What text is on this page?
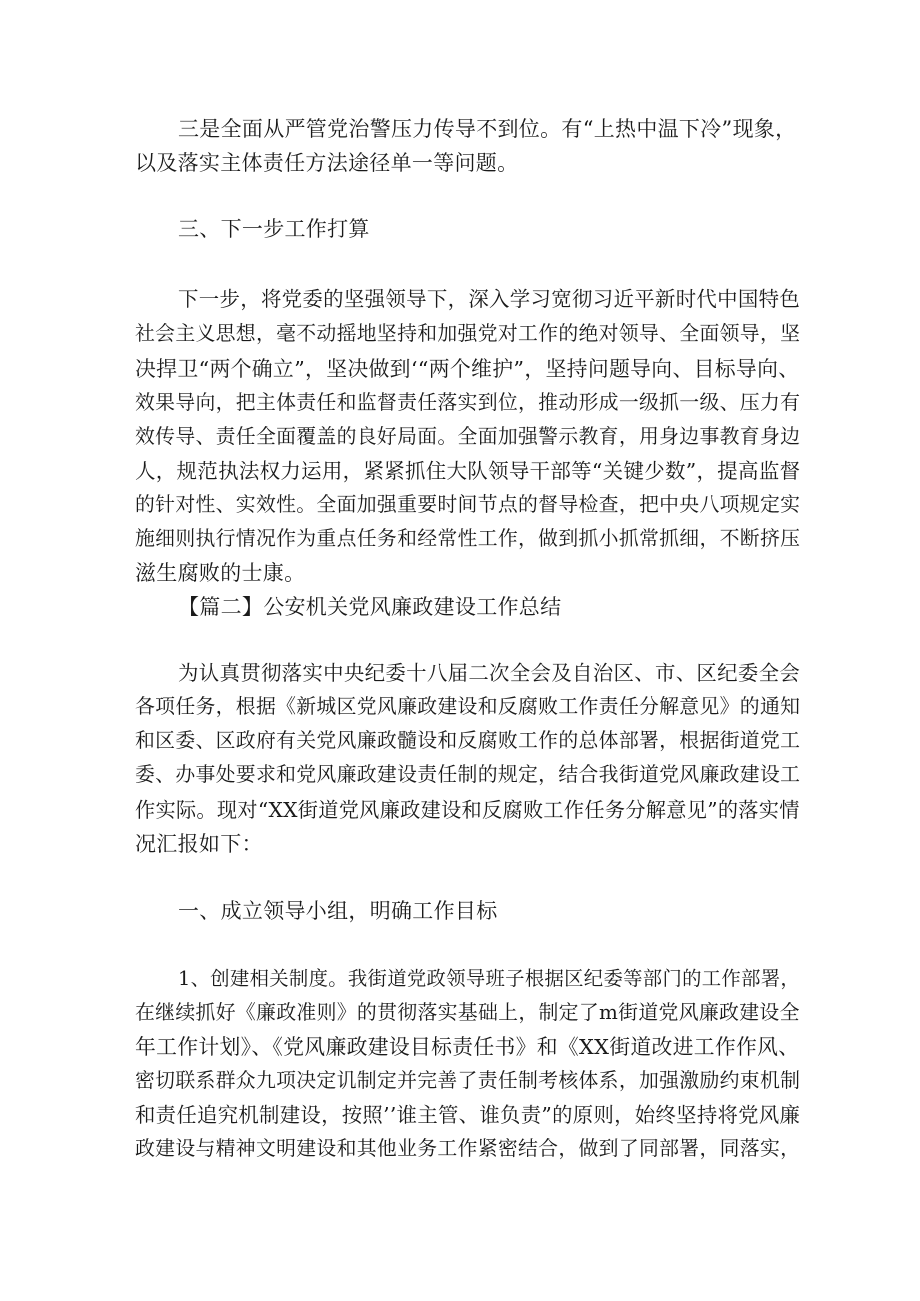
三是全面从严管党治警压力传导不到位。有“上热中温下冷”现象，
以及落实主体责任方法途径单一等问题。
三、下一步工作打算
下一步，将党委的坚强领导下，深入学习宽彻习近平新时代中国特色
社会主义思想，毫不动摇地坚持和加强党对工作的绝对领导、全面领导，坚
决捍卫“两个确立”，坚决做到‘“两个维护”，坚持问题导向、目标导向、
效果导向，把主体责任和监督责任落实到位，推动形成一级抓一级、压力有
效传导、责任全面覆盖的良好局面。全面加强警示教育，用身边事教育身边
人，规范执法权力运用，紧紧抓住大队领导干部等“关键少数”，提高监督
的针对性、实效性。全面加强重要时间节点的督导检查，把中央八项规定实
施细则执行情况作为重点任务和经常性工作，做到抓小抓常抓细，不断挤压
滋生腐败的士康。
【篇二】公安机关党风廉政建设工作总结
为认真贯彻落实中央纪委十八届二次全会及自治区、市、区纪委全会
各项任务，根据《新城区党风廉政建设和反腐败工作责任分解意见》的通知
和区委、区政府有关党风廉政髓设和反腐败工作的总体部署，根据街道党工
委、办事处要求和党风廉政建设责任制的规定，结合我街道党风廉政建设工
作实际。现对“XX街道党风廉政建设和反腐败工作任务分解意见”的落实情
况汇报如下：
一、成立领导小组，明确工作目标
1、创建相关制度。我街道党政领导班子根据区纪委等部门的工作部署，
在继续抓好《廉政准则》的贯彻落实基础上，制定了m街道党风廉政建设全
年工作计划》、《党风廉政建设目标责任书》和《XX街道改进工作作风、
密切联系群众九项决定讥制定并完善了责任制考核体系，加强激励约束机制
和责任追究机制建设，按照’’谁主管、谁负责”的原则，始终坚持将党风廉
政建设与精神文明建设和其他业务工作紧密结合，做到了同部署，同落实，
